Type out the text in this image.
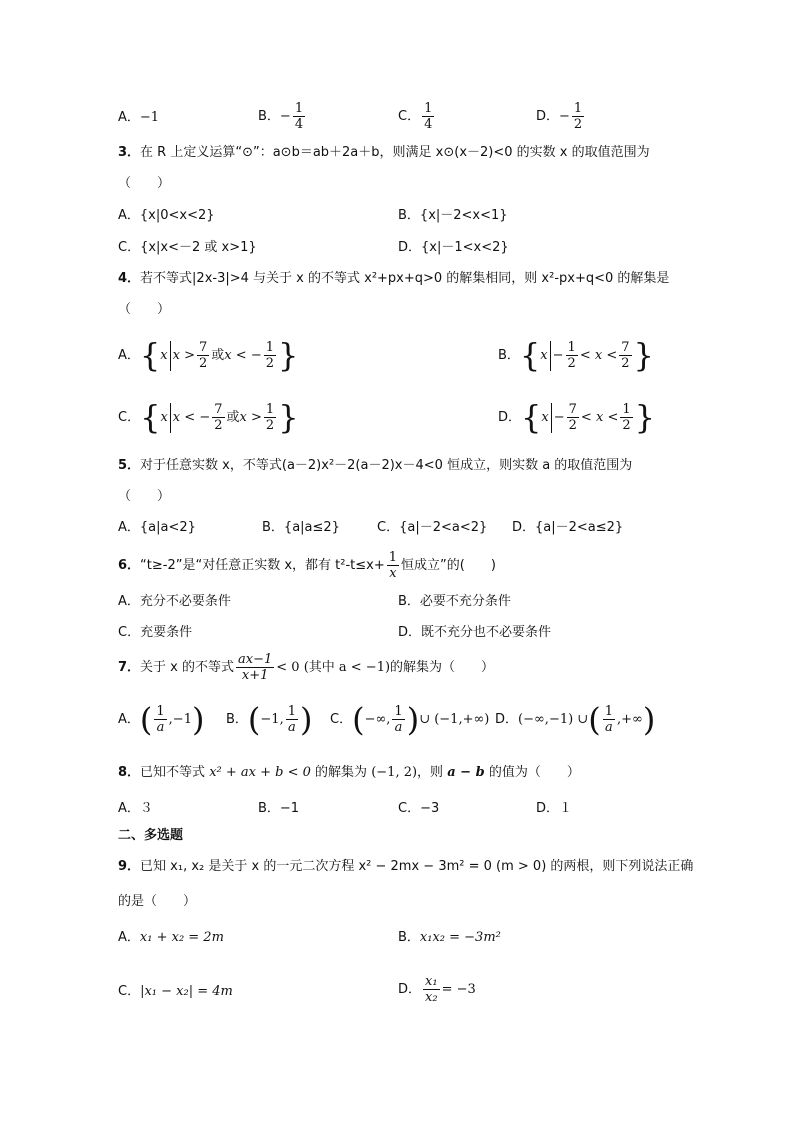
A．−1	B．− $\frac{1}{4}$	C． $\frac{1}{4}$	D．− $\frac{1}{2}$
3．在 R 上定义运算“⊙”：a⊙b＝ab＋2a＋b，则满足 x⊙(x－2)<0 的实数 x 的取值范围为
（　　）
A．{x|0<x<2}	B．{x|－2<x<1}
C．{x|x<－2 或 x>1}	D．{x|－1<x<2}
4．若不等式|2x-3|>4 与关于 x 的不等式 x²+px+q>0 的解集相同，则 x²-px+q<0 的解集是
（　　）
A．{x $x > \frac{7}{2}$ 或x < − $\frac{1}{2}$ }	B．{$x - \frac{1}{2} < x < \frac{7}{2}$ }
C．{x x < − $\frac{7}{2}$ 或$x > \frac{1}{2}$ }	D．{$x - \frac{7}{2} < x < \frac{1}{2}$ }
5．对于任意实数 x，不等式(a－2)x²－2(a－2)x－4<0 恒成立，则实数 a 的取值范围为
（　　）
A．{a|a<2}	B．{a|a≤2}	C．{a|－2<a<2} D．{a|－2<a≤2}
6．“t≥-2”是“对任意正实数 x，都有 $t^2-t\le x+ \frac{1}{x}$ 恒成立”的(　　)
A．充分不必要条件	B．必要不充分条件
C．充要条件	D．既不充分也不必要条件
7．关于 x 的不等式 $\frac{ax-1}{x+1} < 0$ (其中 a < −1)的解集为（　　）
A．( $\frac{1}{a} ,-1$) B．(−1, $\frac{1}{a}$ ) C．(−∞, $\frac{1}{a}$ )∪ (−1,+∞) D．(−∞,−1) ∪( $\frac{1}{a}$ ,+∞)
8．已知不等式 x² + ax + b < 0 的解集为 (−1, 2)，则 a − b 的值为（　　）
A．３	B．−1	C．−3	D．１
二、多选题
9．已知 x₁, x₂ 是关于 x 的一元二次方程 x² − 2mx − 3m² = 0 (m > 0) 的两根，则下列说法正确
的是（　　）
A．x₁ + x₂ = 2m	B．x₁x₂ = −3m²
C．|x₁ − x₂| = 4m	D． $\frac{\text{x₁}}{\text{x₂}} = -3$
